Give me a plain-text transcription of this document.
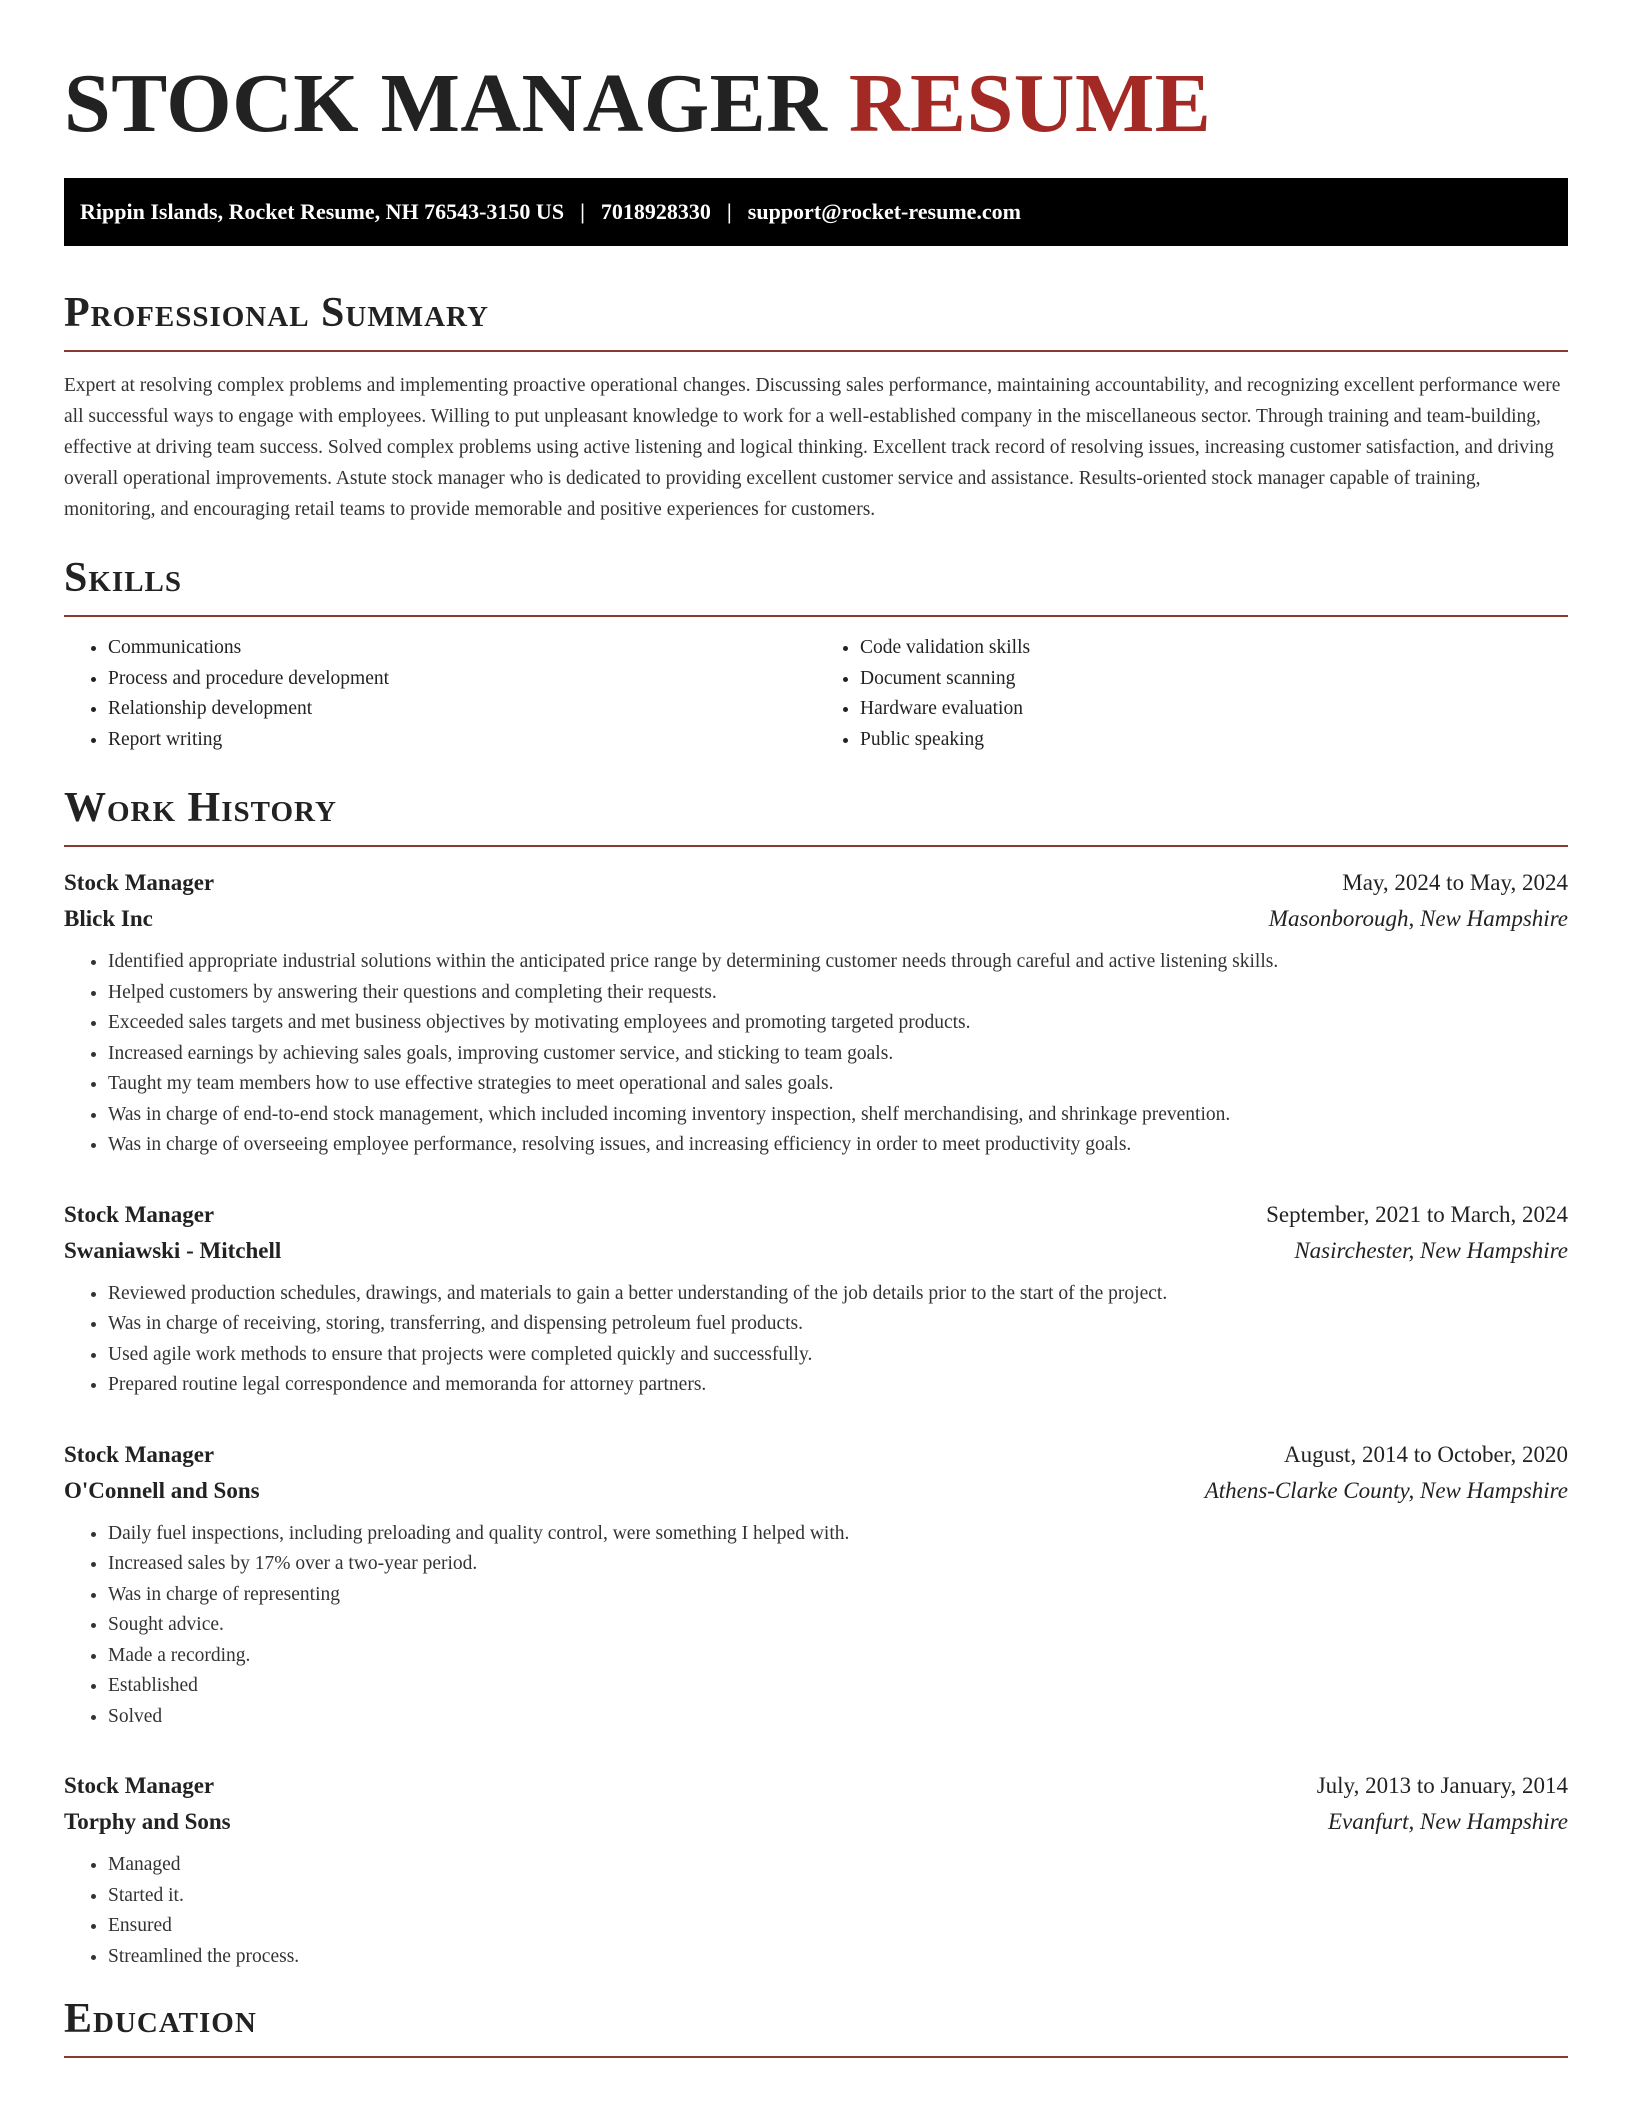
STOCK MANAGER RESUME
Rippin Islands, Rocket Resume, NH 76543-3150 US | 7018928330 | support@rocket-resume.com
Professional Summary

Expert at resolving complex problems and implementing proactive operational changes. Discussing sales performance, maintaining accountability, and recognizing excellent performance were all successful ways to engage with employees. Willing to put unpleasant knowledge to work for a well-established company in the miscellaneous sector. Through training and team-building, effective at driving team success. Solved complex problems using active listening and logical thinking. Excellent track record of resolving issues, increasing customer satisfaction, and driving overall operational improvements. Astute stock manager who is dedicated to providing excellent customer service and assistance. Results-oriented stock manager capable of training, monitoring, and encouraging retail teams to provide memorable and positive experiences for customers.

Skills
• Communications
• Process and procedure development
• Relationship development
• Report writing
• Code validation skills
• Document scanning
• Hardware evaluation
• Public speaking
Work History
Stock Manager	May, 2024 to May, 2024
Blick Inc	Masonborough, New Hampshire
• Identified appropriate industrial solutions within the anticipated price range by determining customer needs through careful and active listening skills.
• Helped customers by answering their questions and completing their requests.
• Exceeded sales targets and met business objectives by motivating employees and promoting targeted products.
• Increased earnings by achieving sales goals, improving customer service, and sticking to team goals.
• Taught my team members how to use effective strategies to meet operational and sales goals.
• Was in charge of end-to-end stock management, which included incoming inventory inspection, shelf merchandising, and shrinkage prevention.
• Was in charge of overseeing employee performance, resolving issues, and increasing efficiency in order to meet productivity goals.
Stock Manager	September, 2021 to March, 2024
Swaniawski - Mitchell	Nasirchester, New Hampshire
• Reviewed production schedules, drawings, and materials to gain a better understanding of the job details prior to the start of the project.
• Was in charge of receiving, storing, transferring, and dispensing petroleum fuel products.
• Used agile work methods to ensure that projects were completed quickly and successfully.
• Prepared routine legal correspondence and memoranda for attorney partners.
Stock Manager	August, 2014 to October, 2020
O'Connell and Sons	Athens-Clarke County, New Hampshire
• Daily fuel inspections, including preloading and quality control, were something I helped with.
• Increased sales by 17% over a two-year period.
• Was in charge of representing
• Sought advice.
• Made a recording.
• Established
• Solved
Stock Manager	July, 2013 to January, 2014
Torphy and Sons	Evanfurt, New Hampshire
• Managed
• Started it.
• Ensured
• Streamlined the process.
Education
